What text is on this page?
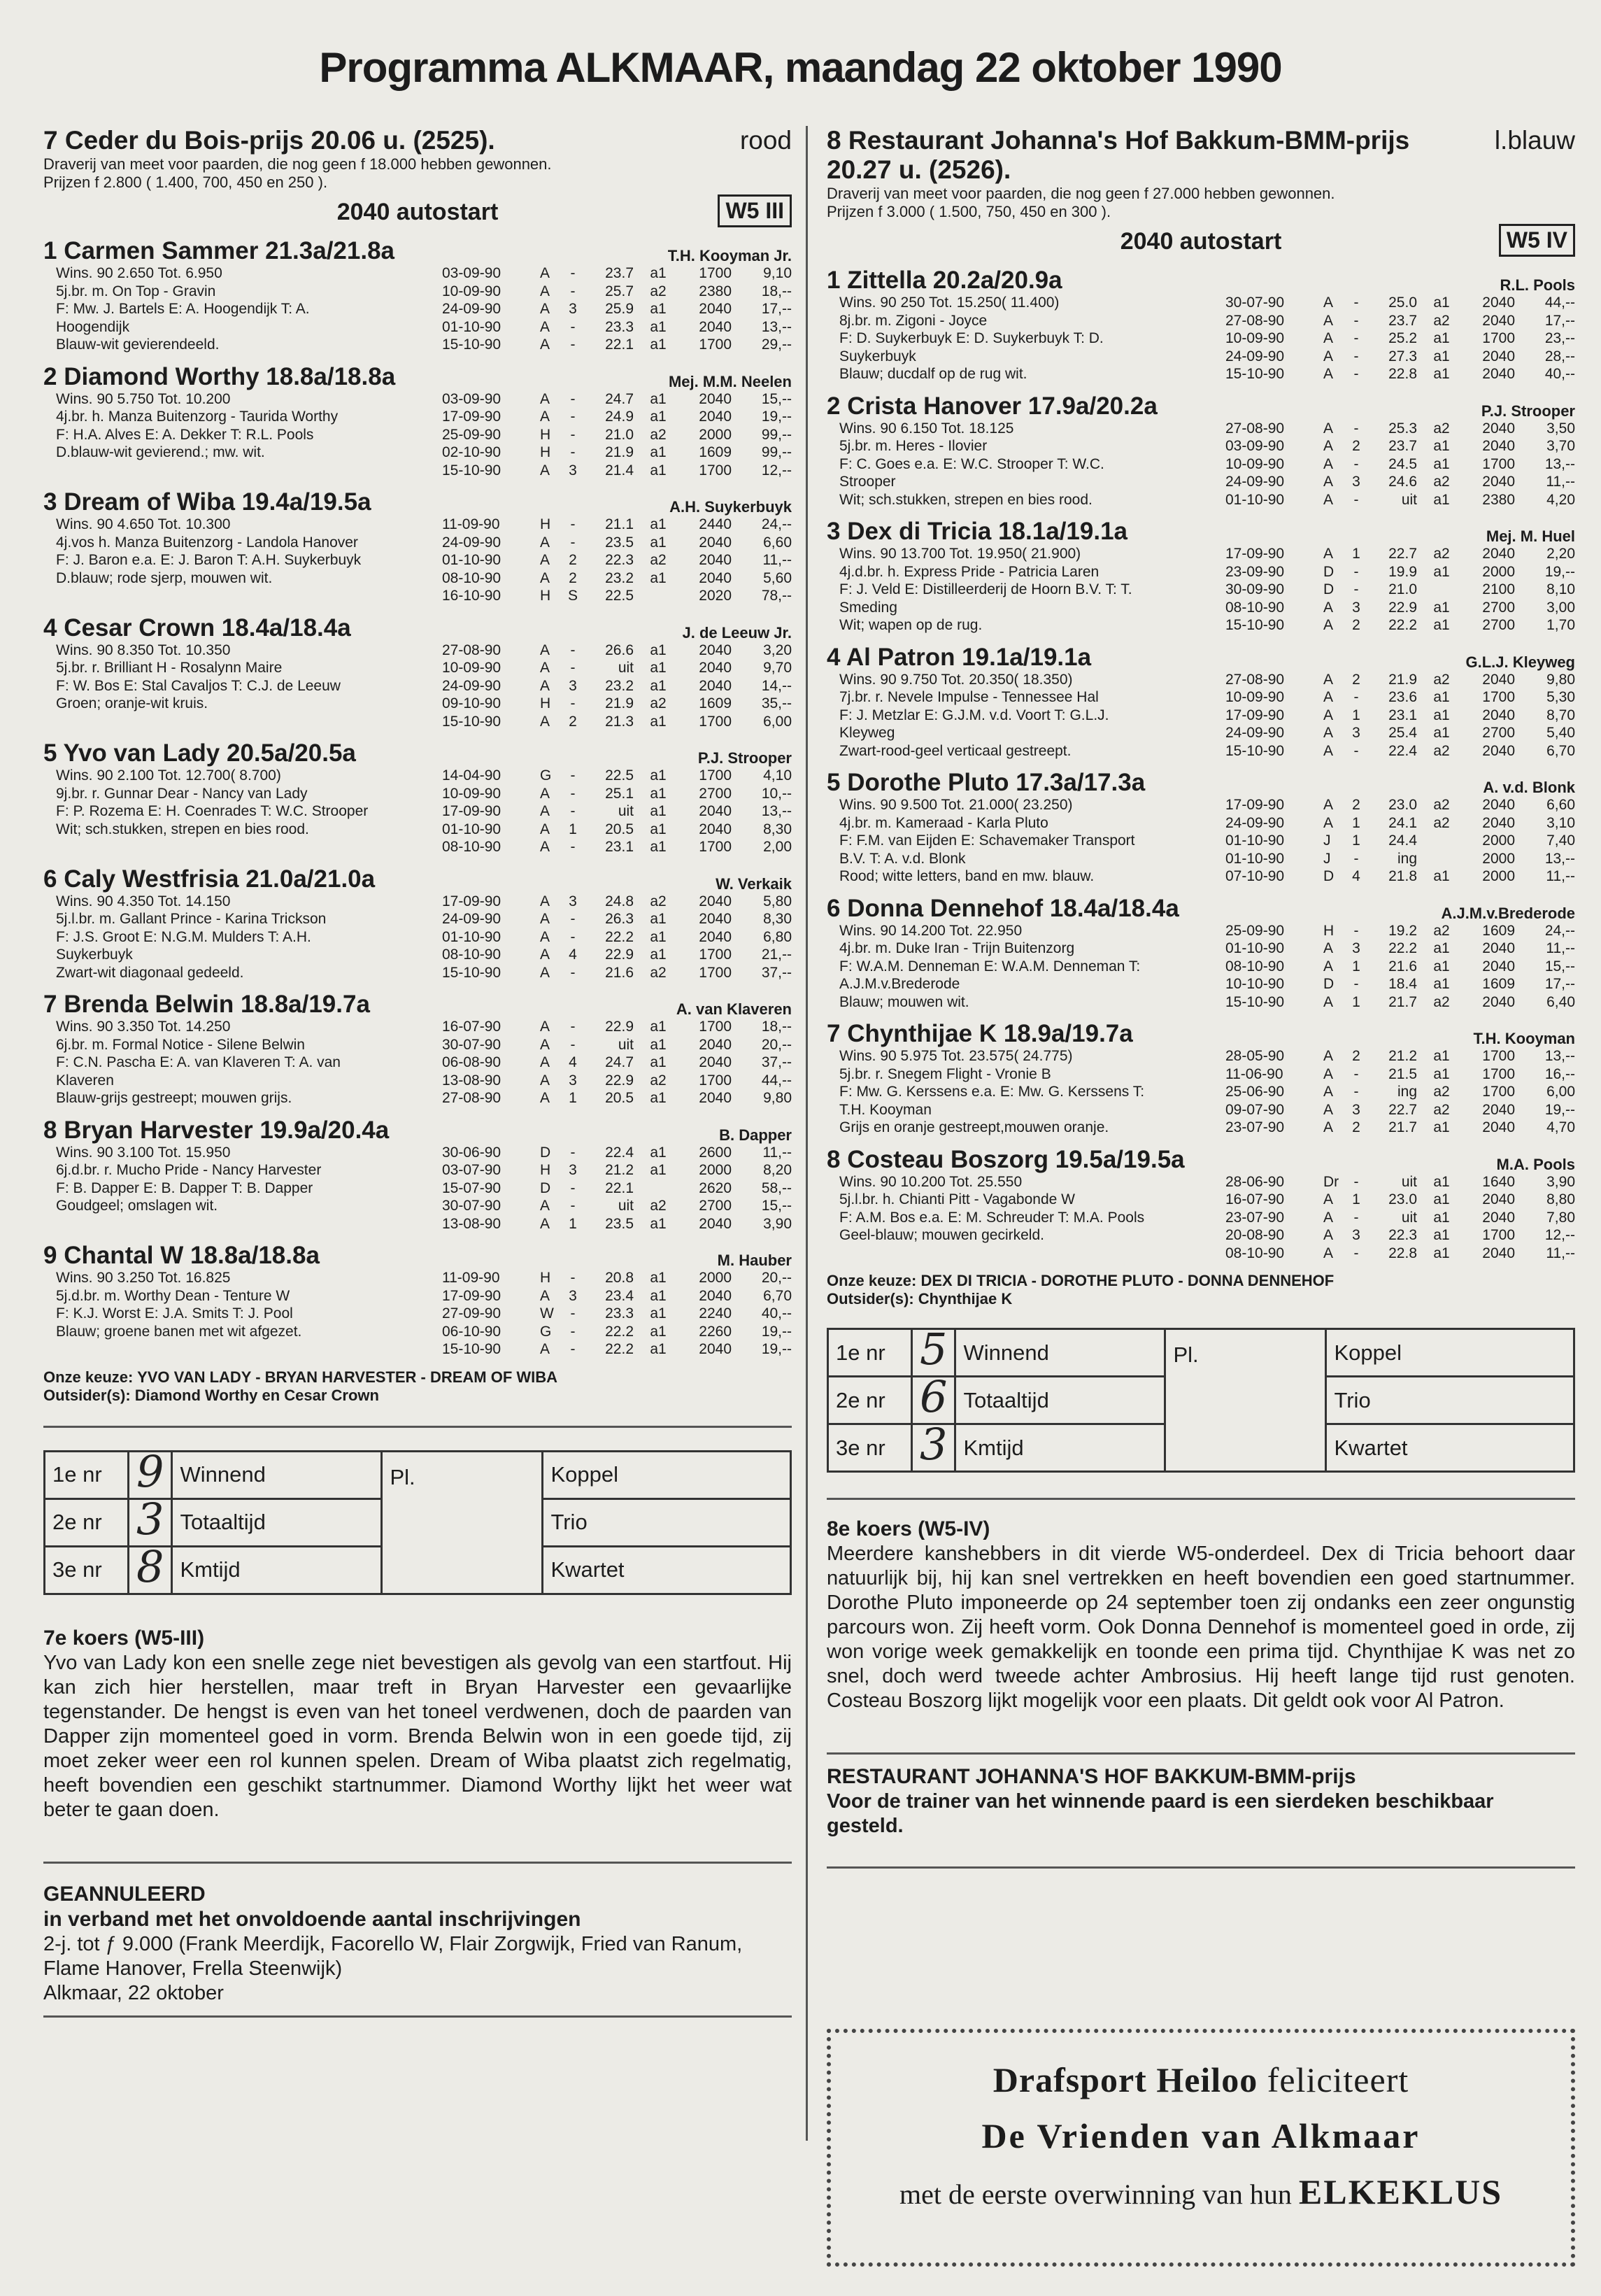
Programma ALKMAAR, maandag 22 oktober 1990
7 Ceder du Bois-prijs 20.06 u. (2525).	rood
Draverij van meet voor paarden, die nog geen f 18.000 hebben gewonnen.
Prijzen f 2.800 ( 1.400, 700, 450 en 250 ).
2040 autostart	W5 III
1 Carmen Sammer 21.3a/21.8a	T.H. Kooyman Jr.
Wins. 90 2.650 Tot. 6.950
5j.br. m. On Top - Gravin
F: Mw. J. Bartels E: A. Hoogendijk T: A.
Hoogendijk
Blauw-wit gevierendeeld.
03-09-90	A	-	23.7	a1	1700	9,10
10-09-90	A	-	25.7	a2	2380	18,--
24-09-90	A	3	25.9	a1	2040	17,--
01-10-90	A	-	23.3	a1	2040	13,--
15-10-90	A	-	22.1	a1	1700	29,--
2 Diamond Worthy 18.8a/18.8a	Mej. M.M. Neelen
Wins. 90 5.750 Tot. 10.200
4j.br. h. Manza Buitenzorg - Taurida Worthy
F: H.A. Alves E: A. Dekker T: R.L. Pools
D.blauw-wit gevierend.; mw. wit.
03-09-90	A	-	24.7	a1	2040	15,--
17-09-90	A	-	24.9	a1	2040	19,--
25-09-90	H	-	21.0	a2	2000	99,--
02-10-90	H	-	21.9	a1	1609	99,--
15-10-90	A	3	21.4	a1	1700	12,--
3 Dream of Wiba 19.4a/19.5a	A.H. Suykerbuyk
Wins. 90 4.650 Tot. 10.300
4j.vos h. Manza Buitenzorg - Landola Hanover
F: J. Baron e.a. E: J. Baron T: A.H. Suykerbuyk
D.blauw; rode sjerp, mouwen wit.
11-09-90	H	-	21.1	a1	2440	24,--
24-09-90	A	-	23.5	a1	2040	6,60
01-10-90	A	2	22.3	a2	2040	11,--
08-10-90	A	2	23.2	a1	2040	5,60
16-10-90	H	S	22.5		2020	78,--
4 Cesar Crown 18.4a/18.4a	J. de Leeuw Jr.
Wins. 90 8.350 Tot. 10.350
5j.br. r. Brilliant H - Rosalynn Maire
F: W. Bos E: Stal Cavaljos T: C.J. de Leeuw
Groen; oranje-wit kruis.
27-08-90	A	-	26.6	a1	2040	3,20
10-09-90	A	-	uit	a1	2040	9,70
24-09-90	A	3	23.2	a1	2040	14,--
09-10-90	H	-	21.9	a2	1609	35,--
15-10-90	A	2	21.3	a1	1700	6,00
5 Yvo van Lady 20.5a/20.5a	P.J. Strooper
Wins. 90 2.100 Tot. 12.700( 8.700)
9j.br. r. Gunnar Dear - Nancy van Lady
F: P. Rozema E: H. Coenrades T: W.C. Strooper
Wit; sch.stukken, strepen en bies rood.
14-04-90	G	-	22.5	a1	1700	4,10
10-09-90	A	-	25.1	a1	2700	10,--
17-09-90	A	-	uit	a1	2040	13,--
01-10-90	A	1	20.5	a1	2040	8,30
08-10-90	A	-	23.1	a1	1700	2,00
6 Caly Westfrisia 21.0a/21.0a	W. Verkaik
Wins. 90 4.350 Tot. 14.150
5j.l.br. m. Gallant Prince - Karina Trickson
F: J.S. Groot E: N.G.M. Mulders T: A.H.
Suykerbuyk
Zwart-wit diagonaal gedeeld.
17-09-90	A	3	24.8	a2	2040	5,80
24-09-90	A	-	26.3	a1	2040	8,30
01-10-90	A	-	22.2	a1	2040	6,80
08-10-90	A	4	22.9	a1	1700	21,--
15-10-90	A	-	21.6	a2	1700	37,--
7 Brenda Belwin 18.8a/19.7a	A. van Klaveren
Wins. 90 3.350 Tot. 14.250
6j.br. m. Formal Notice - Silene Belwin
F: C.N. Pascha E: A. van Klaveren T: A. van
Klaveren
Blauw-grijs gestreept; mouwen grijs.
16-07-90	A	-	22.9	a1	1700	18,--
30-07-90	A	-	uit	a1	2040	20,--
06-08-90	A	4	24.7	a1	2040	37,--
13-08-90	A	3	22.9	a2	1700	44,--
27-08-90	A	1	20.5	a1	2040	9,80
8 Bryan Harvester 19.9a/20.4a	B. Dapper
Wins. 90 3.100 Tot. 15.950
6j.d.br. r. Mucho Pride - Nancy Harvester
F: B. Dapper E: B. Dapper T: B. Dapper
Goudgeel; omslagen wit.
30-06-90	D	-	22.4	a1	2600	11,--
03-07-90	H	3	21.2	a1	2000	8,20
15-07-90	D	-	22.1		2620	58,--
30-07-90	A	-	uit	a2	2700	15,--
13-08-90	A	1	23.5	a1	2040	3,90
9 Chantal W 18.8a/18.8a	M. Hauber
Wins. 90 3.250 Tot. 16.825
5j.d.br. m. Worthy Dean - Tenture W
F: K.J. Worst E: J.A. Smits T: J. Pool
Blauw; groene banen met wit afgezet.
11-09-90	H	-	20.8	a1	2000	20,--
17-09-90	A	3	23.4	a1	2040	6,70
27-09-90	W	-	23.3	a1	2240	40,--
06-10-90	G	-	22.2	a1	2260	19,--
15-10-90	A	-	22.2	a1	2040	19,--
Onze keuze: YVO VAN LADY - BRYAN HARVESTER - DREAM OF WIBA
Outsider(s): Diamond Worthy en Cesar Crown
1e nr	9	Winnend	Pl.	Koppel
2e nr	3	Totaaltijd		Trio
3e nr	8	Kmtijd		Kwartet
7e koers (W5-III)

Yvo van Lady kon een snelle zege niet bevestigen als gevolg van een startfout. Hij kan zich hier herstellen, maar treft in Bryan Harvester een gevaarlijke tegenstander. De hengst is even van het toneel verdwenen, doch de paarden van Dapper zijn momenteel goed in vorm. Brenda Belwin won in een goede tijd, zij moet zeker weer een rol kunnen spelen. Dream of Wiba plaatst zich regelmatig, heeft bovendien een geschikt startnummer. Diamond Worthy lijkt het weer wat beter te gaan doen.

GEANNULEERD
in verband met het onvoldoende aantal inschrijvingen

2-j. tot ƒ 9.000 (Frank Meerdijk, Facorello W, Flair Zorgwijk, Fried van Ranum, Flame Hanover, Frella Steenwijk)

Alkmaar, 22 oktober

8 Restaurant Johanna's Hof Bakkum-BMM-prijs	l.blauw
20.27 u. (2526).
Draverij van meet voor paarden, die nog geen f 27.000 hebben gewonnen.
Prijzen f 3.000 ( 1.500, 750, 450 en 300 ).
2040 autostart	W5 IV
1 Zittella 20.2a/20.9a	R.L. Pools
Wins. 90 250 Tot. 15.250( 11.400)
8j.br. m. Zigoni - Joyce
F: D. Suykerbuyk E: D. Suykerbuyk T: D.
Suykerbuyk
Blauw; ducdalf op de rug wit.
30-07-90	A	-	25.0	a1	2040	44,--
27-08-90	A	-	23.7	a2	2040	17,--
10-09-90	A	-	25.2	a1	1700	23,--
24-09-90	A	-	27.3	a1	2040	28,--
15-10-90	A	-	22.8	a1	2040	40,--
2 Crista Hanover 17.9a/20.2a	P.J. Strooper
Wins. 90 6.150 Tot. 18.125
5j.br. m. Heres - Ilovier
F: C. Goes e.a. E: W.C. Strooper T: W.C.
Strooper
Wit; sch.stukken, strepen en bies rood.
27-08-90	A	-	25.3	a2	2040	3,50
03-09-90	A	2	23.7	a1	2040	3,70
10-09-90	A	-	24.5	a1	1700	13,--
24-09-90	A	3	24.6	a2	2040	11,--
01-10-90	A	-	uit	a1	2380	4,20
3 Dex di Tricia 18.1a/19.1a	Mej. M. Huel
Wins. 90 13.700 Tot. 19.950( 21.900)
4j.d.br. h. Express Pride - Patricia Laren
F: J. Veld E: Distilleerderij de Hoorn B.V. T: T.
Smeding
Wit; wapen op de rug.
17-09-90	A	1	22.7	a2	2040	2,20
23-09-90	D	-	19.9	a1	2000	19,--
30-09-90	D	-	21.0		2100	8,10
08-10-90	A	3	22.9	a1	2700	3,00
15-10-90	A	2	22.2	a1	2700	1,70
4 Al Patron 19.1a/19.1a	G.L.J. Kleyweg
Wins. 90 9.750 Tot. 20.350( 18.350)
7j.br. r. Nevele Impulse - Tennessee Hal
F: J. Metzlar E: G.J.M. v.d. Voort T: G.L.J.
Kleyweg
Zwart-rood-geel verticaal gestreept.
27-08-90	A	2	21.9	a2	2040	9,80
10-09-90	A	-	23.6	a1	1700	5,30
17-09-90	A	1	23.1	a1	2040	8,70
24-09-90	A	3	25.4	a1	2700	5,40
15-10-90	A	-	22.4	a2	2040	6,70
5 Dorothe Pluto 17.3a/17.3a	A. v.d. Blonk
Wins. 90 9.500 Tot. 21.000( 23.250)
4j.br. m. Kameraad - Karla Pluto
F: F.M. van Eijden E: Schavemaker Transport
B.V. T: A. v.d. Blonk
Rood; witte letters, band en mw. blauw.
17-09-90	A	2	23.0	a2	2040	6,60
24-09-90	A	1	24.1	a2	2040	3,10
01-10-90	J	1	24.4		2000	7,40
01-10-90	J	-	ing		2000	13,--
07-10-90	D	4	21.8	a1	2000	11,--
6 Donna Dennehof 18.4a/18.4a	A.J.M.v.Brederode
Wins. 90 14.200 Tot. 22.950
4j.br. m. Duke Iran - Trijn Buitenzorg
F: W.A.M. Denneman E: W.A.M. Denneman T:
A.J.M.v.Brederode
Blauw; mouwen wit.
25-09-90	H	-	19.2	a2	1609	24,--
01-10-90	A	3	22.2	a1	2040	11,--
08-10-90	A	1	21.6	a1	2040	15,--
10-10-90	D	-	18.4	a1	1609	17,--
15-10-90	A	1	21.7	a2	2040	6,40
7 Chynthijae K 18.9a/19.7a	T.H. Kooyman
Wins. 90 5.975 Tot. 23.575( 24.775)
5j.br. r. Snegem Flight - Vronie B
F: Mw. G. Kerssens e.a. E: Mw. G. Kerssens T:
T.H. Kooyman
Grijs en oranje gestreept,mouwen oranje.
28-05-90	A	2	21.2	a1	1700	13,--
11-06-90	A	-	21.5	a1	1700	16,--
25-06-90	A	-	ing	a2	1700	6,00
09-07-90	A	3	22.7	a2	2040	19,--
23-07-90	A	2	21.7	a1	2040	4,70
8 Costeau Boszorg 19.5a/19.5a	M.A. Pools
Wins. 90 10.200 Tot. 25.550
5j.l.br. h. Chianti Pitt - Vagabonde W
F: A.M. Bos e.a. E: M. Schreuder T: M.A. Pools
Geel-blauw; mouwen gecirkeld.
28-06-90	Dr	-	uit	a1	1640	3,90
16-07-90	A	1	23.0	a1	2040	8,80
23-07-90	A	-	uit	a1	2040	7,80
20-08-90	A	3	22.3	a1	1700	12,--
08-10-90	A	-	22.8	a1	2040	11,--
Onze keuze: DEX DI TRICIA - DOROTHE PLUTO - DONNA DENNEHOF
Outsider(s): Chynthijae K
1e nr	5	Winnend	Pl.	Koppel
2e nr	6	Totaaltijd		Trio
3e nr	3	Kmtijd		Kwartet
8e koers (W5-IV)

Meerdere kanshebbers in dit vierde W5-onderdeel. Dex di Tricia behoort daar natuurlijk bij, hij kan snel vertrekken en heeft bovendien een goed startnummer. Dorothe Pluto imponeerde op 24 september toen zij ondanks een zeer ongunstig parcours won. Zij heeft vorm. Ook Donna Dennehof is momenteel goed in orde, zij won vorige week gemakkelijk en toonde een prima tijd. Chynthijae K was net zo snel, doch werd tweede achter Ambrosius. Hij heeft lange tijd rust genoten. Costeau Boszorg lijkt mogelijk voor een plaats. Dit geldt ook voor Al Patron.

RESTAURANT JOHANNA'S HOF BAKKUM-BMM-prijs

Voor de trainer van het winnende paard is een sierdeken beschikbaar gesteld.

Drafsport Heiloo feliciteert
De Vrienden van Alkmaar
met de eerste overwinning van hun ELKEKLUS
